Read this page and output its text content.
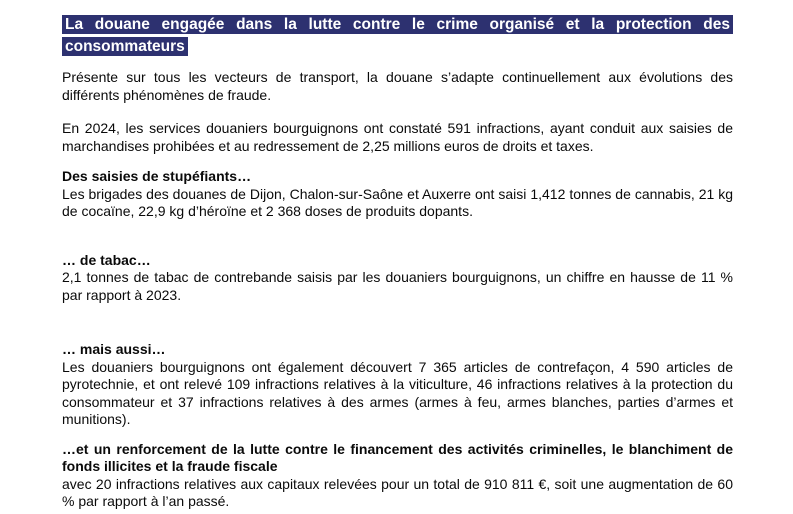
La douane engagée dans la lutte contre le crime organisé et la protection des consommateurs

Présente sur tous les vecteurs de transport, la douane s’adapte continuellement aux évolutions des différents phénomènes de fraude.

En 2024, les services douaniers bourguignons ont constaté 591 infractions, ayant conduit aux saisies de marchandises prohibées et au redressement de 2,25 millions euros de droits et taxes.

Des saisies de stupéfiants…

Les brigades des douanes de Dijon, Chalon-sur-Saône et Auxerre ont saisi 1,412 tonnes de cannabis, 21 kg de cocaïne, 22,9 kg d’héroïne et 2 368 doses de produits dopants.

… de tabac…

2,1 tonnes de tabac de contrebande saisis par les douaniers bourguignons, un chiffre en hausse de 11 % par rapport à 2023.

… mais aussi…

Les douaniers bourguignons ont également découvert 7 365 articles de contrefaçon, 4 590 articles de pyrotechnie, et ont relevé 109 infractions relatives à la viticulture, 46 infractions relatives à la protection du consommateur et 37 infractions relatives à des armes (armes à feu, armes blanches, parties d’armes et munitions).

…et un renforcement de la lutte contre le financement des activités criminelles, le blanchiment de fonds illicites et la fraude fiscale

avec 20 infractions relatives aux capitaux relevées pour un total de 910 811 €, soit une augmentation de 60 % par rapport à l’an passé.
